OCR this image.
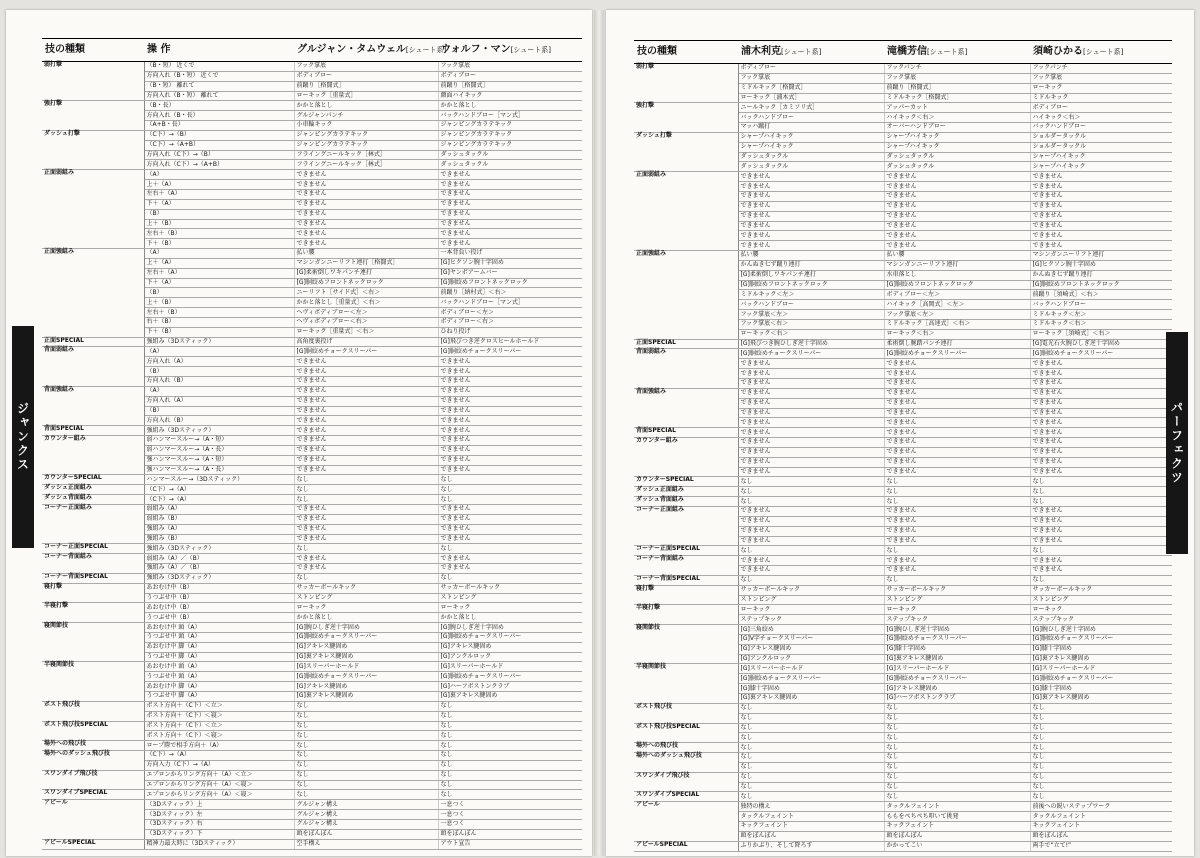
技の種類	操 作	グルジャン・タムウェル[シュート系]	ウォルフ・マン[シュート系]
弱打撃	（B・短） 近くで	フック掌底	フック掌底
	方向入れ（B・短） 近くで	ボディブロー	ボディブロー
	（B・短） 離れて	前蹴り［格闘式］	前蹴り［格闘式］
	方向入れ（B・短） 離れて	ローキック［重量式］	顔面ハイキック
強打撃	（B・長）	かかと落とし	かかと落とし
	方向入れ（B・長）	グルジャンパンチ	バックハンドブロー［マン式］
	（A+B・長）	小車輪キック	ジャンピングカラテキック
ダッシュ打撃	（C下）→（B）	ジャンピングカラテキック	ジャンピングカラテキック
	（C下）→（A+B）	ジャンピングカラテキック	ジャンピングカラテキック
	方向入れ（C下）→（B）	フライングニールキック［林式］	ダッシュタックル
	方向入れ（C下）→（A+B）	フライングニールキック［林式］	ダッシュタックル
正面弱組み	（A）	できません	できません
	上＋（A）	できません	できません
	左右＋（A）	できません	できません
	下＋（A）	できません	できません
	（B）	できません	できません
	上＋（B）	できません	できません
	左右＋（B）	できません	できません
	下＋（B）	できません	できません
正面強組み	（A）	払い腰	一本背負い投げ
	上＋（A）	マシンガンニーリフト連打［格闘式］	[G]ヒクソン腕十字固め
	左右＋（A）	[G]柔術倒しワキパンチ連打	[G]ヤンボアームバー
	下＋（A）	[G]胴絞めフロントネックロック	[G]胴絞めフロントネックロック
	（B）	ニーリフト［サイド式］＜右＞	前蹴り［納村式］＜右＞
	上＋（B）	かかと落とし［重量式］＜右＞	バックハンドブロー［マン式］
	左右＋（B）	ヘヴィボディブロー＜左＞	ボディブロー＜左＞
	右＋（B）	ヘヴィボディブロー＜右＞	ボディブロー＜右＞
	下＋（B）	ローキック［重量式］＜右＞	ひねり投げ
正面SPECIAL	強組み（3Dスティック）	高角度裏投げ	[G]飛びつき逆クロスヒールホールド
背面弱組み	（A）	[G]胴絞めチョークスリーパー	[G]胴絞めチョークスリーパー
	方向入れ（A）	できません	できません
	（B）	できません	できません
	方向入れ（B）	できません	できません
背面強組み	（A）	できません	できません
	方向入れ（A）	できません	できません
	（B）	できません	できません
	方向入れ（B）	できません	できません
背面SPECIAL	強組み（3Dスティック）	できません	できません
カウンター組み	弱ハンマースルー→（A・短）	できません	できません
	弱ハンマースルー→（A・長）	できません	できません
	強ハンマースルー→（A・短）	できません	できません
	強ハンマースルー→（A・長）	できません	できません
カウンターSPECIAL	ハンマースルー→（3Dスティック）	なし	なし
ダッシュ正面組み	（C下）→（A）	なし	なし
ダッシュ背面組み	（C下）→（A）	なし	なし
コーナー正面組み	弱組み（A）	できません	できません
	弱組み（B）	できません	できません
	強組み（A）	できません	できません
	強組み（B）	できません	できません
コーナー正面SPECIAL	強組み（3Dスティック）	なし	なし
コーナー背面組み	弱組み（A）／（B）	できません	できません
	強組み（A）／（B）	できません	できません
コーナー背面SPECIAL	強組み（3Dスティック）	なし	なし
寝打撃	あおむけ中（B）	サッカーボールキック	サッカーボールキック
	うつぶせ中（B）	ストンピング	ストンピング
半寝打撃	あおむけ中（B）	ローキック	ローキック
	うつぶせ中（B）	かかと落とし	かかと落とし
寝関節技	あおむけ中 頭（A）	[G]腕ひしぎ逆十字固め	[G]腕ひしぎ逆十字固め
	うつぶせ中 頭（A）	[G]胴絞めチョークスリーパー	[G]胴絞めチョークスリーパー
	あおむけ中 脚（A）	[G]アキレス腱固め	[G]アキレス腱固め
	うつぶせ中 脚（A）	[G]裏アキレス腱固め	[G]アンクルロック
半寝関節技	あおむけ中 頭（A）	[G]スリーパーホールド	[G]スリーパーホールド
	うつぶせ中 頭（A）	[G]胴絞めチョークスリーパー	[G]胴絞めチョークスリーパー
	あおむけ中 脚（A）	[G]アキレス腱固め	[G]ハーフボストンクラブ
	うつぶせ中 脚（A）	[G]裏アキレス腱固め	[G]裏アキレス腱固め
ポスト飛び技	ポスト方向＋（C下）＜立＞	なし	なし
	ポスト方向＋（C下）＜寝＞	なし	なし
ポスト飛び技SPECIAL	ポスト方向＋（C下）＜立＞	なし	なし
	ポスト方向＋（C下）＜寝＞	なし	なし
場外への飛び技	ロープ際で相手方向＋（A）	なし	なし
場外へのダッシュ飛び技	（C下）→（A）	なし	なし
	方向入力（C下）→（A）	なし	なし
スワンダイブ飛び技	エプロンからリング方向＋（A）＜立＞	なし	なし
	エプロンからリング方向＋（A）＜寝＞	なし	なし
スワンダイブSPECIAL	エプロンからリング方向＋（A）＜寝＞	なし	なし
アピール	（3Dスティック）上	グルジャン構え	一息つく
	（3Dスティック）左	グルジャン構え	一息つく
	（3Dスティック）右	グルジャン構え	一息つく
	（3Dスティック）下	頭をぽんぽん	頭をぽんぽん
アピールSPECIAL	精神力最大時に（3Dスティック）	空手構え	アウト宣告
ジャンクス
技の種類	浦木利克[シュート系]	滝橋芳信[シュート系]	須崎ひかる[シュート系]
弱打撃	ボディブロー	フックパンチ	フックパンチ
	フック掌底	フック掌底	フック掌底
	ミドルキック［格闘式］	前蹴り［格闘式］	ローキック
	ローキック［浦木式］	ミドルキック［格闘式］	ミドルキック
強打撃	ニールキック［カミソリ式］	アッパーカット	ボディブロー
	バックハンドブロー	ハイキック＜右＞	ハイキック＜右＞
	マッハ蹴打	オーバーハンドブロー	バックハンドブロー
ダッシュ打撃	シャープハイキック	シャープハイキック	ショルダータックル
	シャープハイキック	シャープハイキック	ショルダータックル
	ダッシュタックル	ダッシュタックル	シャープハイキック
	ダッシュタックル	ダッシュタックル	シャープハイキック
正面弱組み	できません	できません	できません
	できません	できません	できません
	できません	できません	できません
	できません	できません	できません
	できません	できません	できません
	できません	できません	できません
	できません	できません	できません
	できません	できません	できません
正面強組み	払い腰	払い腰	マシンガンニーリフト連打
	かんぬき七ず蹴り連打	マシンガンニーリフト連打	[G]ヒクソン腕十字固め
	[G]柔術倒しワキパンチ連打	水車落とし	かんぬき七ず蹴り連打
	[G]胴絞めフロントネックロック	[G]胴絞めフロントネックロック	[G]胴絞めフロントネックロック
	ミドルキック＜左＞	ボディブロー＜左＞	前蹴り［須崎式］＜右＞
	バックハンドブロー	ハイキック［高岡式］＜左＞	バックハンドブロー
	フック掌底＜左＞	フック掌底＜左＞	ミドルキック＜左＞
	フック掌底＜右＞	ミドルキック［高速式］＜右＞	ミドルキック＜右＞
	ローキック＜右＞	ローキック＜右＞	ローキック［須崎式］＜右＞
正面SPECIAL	[G]飛びつき腕ひしぎ逆十字固め	柔術倒し腕踏パンチ連打	[G]電光石火腕ひしぎ逆十字固め
背面弱組み	[G]胴絞めチョークスリーパー	[G]胴絞めチョークスリーパー	[G]胴絞めチョークスリーパー
	できません	できません	できません
	できません	できません	できません
	できません	できません	できません
背面強組み	できません	できません	できません
	できません	できません	できません
	できません	できません	できません
	できません	できません	できません
背面SPECIAL	できません	できません	できません
カウンター組み	できません	できません	できません
	できません	できません	できません
	できません	できません	できません
	できません	できません	できません
カウンターSPECIAL	なし	なし	なし
ダッシュ正面組み	なし	なし	なし
ダッシュ背面組み	なし	なし	なし
コーナー正面組み	できません	できません	できません
	できません	できません	できません
	できません	できません	できません
	できません	できません	できません
コーナー正面SPECIAL	なし	なし	なし
コーナー背面組み	できません	できません	できません
	できません	できません	できません
コーナー背面SPECIAL	なし	なし	なし
寝打撃	サッカーボールキック	サッカーボールキック	サッカーボールキック
	ストンピング	ストンピング	ストンピング
半寝打撃	ローキック	ローキック	ローキック
	ステップキック	ステップキック	ステップキック
寝関節技	[G]三角絞め	[G]腕ひしぎ逆十字固め	[G]腕ひしぎ逆十字固め
	[G]V字チョークスリーパー	[G]胴絞めチョークスリーパー	[G]胴絞めチョークスリーパー
	[G]アキレス腱固め	[G]膝十字固め	[G]膝十字固め
	[G]アンクルロック	[G]裏アキレス腱固め	[G]裏アキレス腱固め
半寝関節技	[G]スリーパーホールド	[G]スリーパーホールド	[G]スリーパーホールド
	[G]胴絞めチョークスリーパー	[G]胴絞めチョークスリーパー	[G]胴絞めチョークスリーパー
	[G]膝十字固め	[G]アキレス腱固め	[G]膝十字固め
	[G]裏アキレス腱固め	[G]ハーフボストンクラブ	[G]裏アキレス腱固め
ポスト飛び技	なし	なし	なし
	なし	なし	なし
ポスト飛び技SPECIAL	なし	なし	なし
	なし	なし	なし
場外への飛び技	なし	なし	なし
場外へのダッシュ飛び技	なし	なし	なし
	なし	なし	なし
スワンダイブ飛び技	なし	なし	なし
	なし	なし	なし
スワンダイブSPECIAL	なし	なし	なし
アピール	独特の構え	タックルフェイント	前後への鋭いステップワーク
	タックルフェイント	ももをぺちぺち叩いて挑発	タックルフェイント
	キックフェイント	キックフェイント	キックフェイント
	頭をぽんぽん	頭をぽんぽん	頭をぽんぽん
アピールSPECIAL	ふりかぶり、そして降ろす	かかってこい	両手で“立て!”
パーフェクツ
